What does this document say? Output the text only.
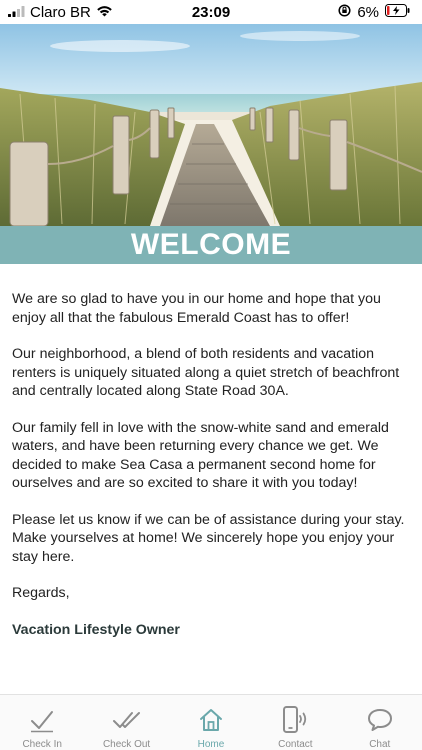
Claro BR	23:09	6%
WELCOME

We are so glad to have you in our home and hope that you enjoy all that the fabulous Emerald Coast has to offer!

Our neighborhood, a blend of both residents and vacation renters is uniquely situated along a quiet stretch of beachfront and centrally located along State Road 30A.

Our family fell in love with the snow-white sand and emerald waters, and have been returning every chance we get. We decided to make Sea Casa a permanent second home for ourselves and are so excited to share it with you today!

Please let us know if we can be of assistance during your stay. Make yourselves at home! We sincerely hope you enjoy your stay here.

Regards,

Vacation Lifestyle Owner

Check In	Check Out	Home	Contact	Chat
